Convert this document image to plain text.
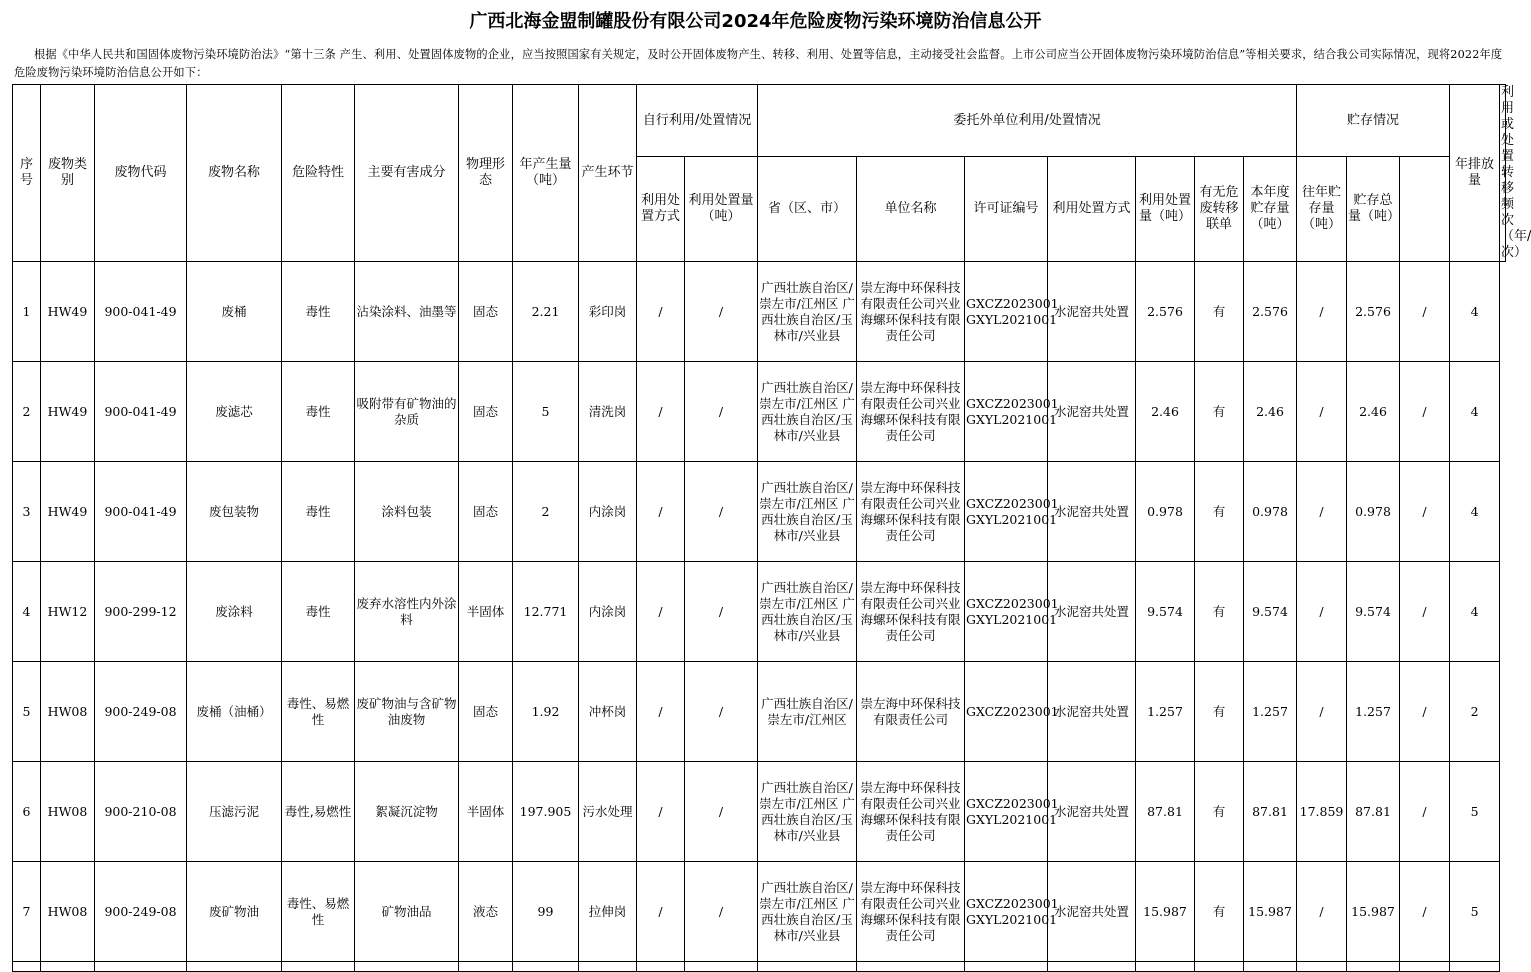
广西北海金盟制罐股份有限公司2024年危险废物污染环境防治信息公开
根据《中华人民共和国固体废物污染环境防治法》“第十三条 产生、利用、处置固体废物的企业，应当按照国家有关规定，及时公开固体废物产生、转移、利用、处置等信息，主动接受社会监督。上市公司应当公开固体废物污染环境防治信息”等相关要求，结合我公司实际情况，现将2022年度危险废物污染环境防治信息公开如下：
序号	废物类别	废物代码	废物名称	危险特性	主要有害成分	物理形态	年产生量（吨）	产生环节	自行利用/处置情况		委托外单位利用/处置情况							贮存情况			年排放量	利用或处置转移频次（年/次）
									利用处置方式	利用处置量（吨）	省（区、市）	单位名称	许可证编号	利用处置方式	利用处置量（吨）	有无危废转移联单	本年度贮存量（吨）	往年贮存量（吨）	贮存总量（吨）			
1	HW49	900-041-49	废桶	毒性	沾染涂料、油墨等	固态	2.21	彩印岗	/	/	广西壮族自治区/崇左市/江州区 广西壮族自治区/玉林市/兴业县	崇左海中环保科技有限责任公司兴业海螺环保科技有限责任公司	GXCZ2023001 GXYL2021001	水泥窑共处置	2.576	有	2.576	/	2.576	/	4	
2	HW49	900-041-49	废滤芯	毒性	吸附带有矿物油的杂质	固态	5	清洗岗	/	/	广西壮族自治区/崇左市/江州区 广西壮族自治区/玉林市/兴业县	崇左海中环保科技有限责任公司兴业海螺环保科技有限责任公司	GXCZ2023001 GXYL2021001	水泥窑共处置	2.46	有	2.46	/	2.46	/	4	
3	HW49	900-041-49	废包装物	毒性	涂料包装	固态	2	内涂岗	/	/	广西壮族自治区/崇左市/江州区 广西壮族自治区/玉林市/兴业县	崇左海中环保科技有限责任公司兴业海螺环保科技有限责任公司	GXCZ2023001 GXYL2021001	水泥窑共处置	0.978	有	0.978	/	0.978	/	4	
4	HW12	900-299-12	废涂料	毒性	废弃水溶性内外涂料	半固体	12.771	内涂岗	/	/	广西壮族自治区/崇左市/江州区 广西壮族自治区/玉林市/兴业县	崇左海中环保科技有限责任公司兴业海螺环保科技有限责任公司	GXCZ2023001 GXYL2021001	水泥窑共处置	9.574	有	9.574	/	9.574	/	4	
5	HW08	900-249-08	废桶（油桶）	毒性、易燃性	废矿物油与含矿物油废物	固态	1.92	冲杯岗	/	/	广西壮族自治区/崇左市/江州区	崇左海中环保科技有限责任公司	GXCZ2023001	水泥窑共处置	1.257	有	1.257	/	1.257	/	2	
6	HW08	900-210-08	压滤污泥	毒性,易燃性	絮凝沉淀物	半固体	197.905	污水处理	/	/	广西壮族自治区/崇左市/江州区 广西壮族自治区/玉林市/兴业县	崇左海中环保科技有限责任公司兴业海螺环保科技有限责任公司	GXCZ2023001 GXYL2021001	水泥窑共处置	87.81	有	87.81	17.859	87.81	/	5	
7	HW08	900-249-08	废矿物油	毒性、易燃性	矿物油品	液态	99	拉伸岗	/	/	广西壮族自治区/崇左市/江州区 广西壮族自治区/玉林市/兴业县	崇左海中环保科技有限责任公司兴业海螺环保科技有限责任公司	GXCZ2023001 GXYL2021001	水泥窑共处置	15.987	有	15.987	/	15.987	/	5	
